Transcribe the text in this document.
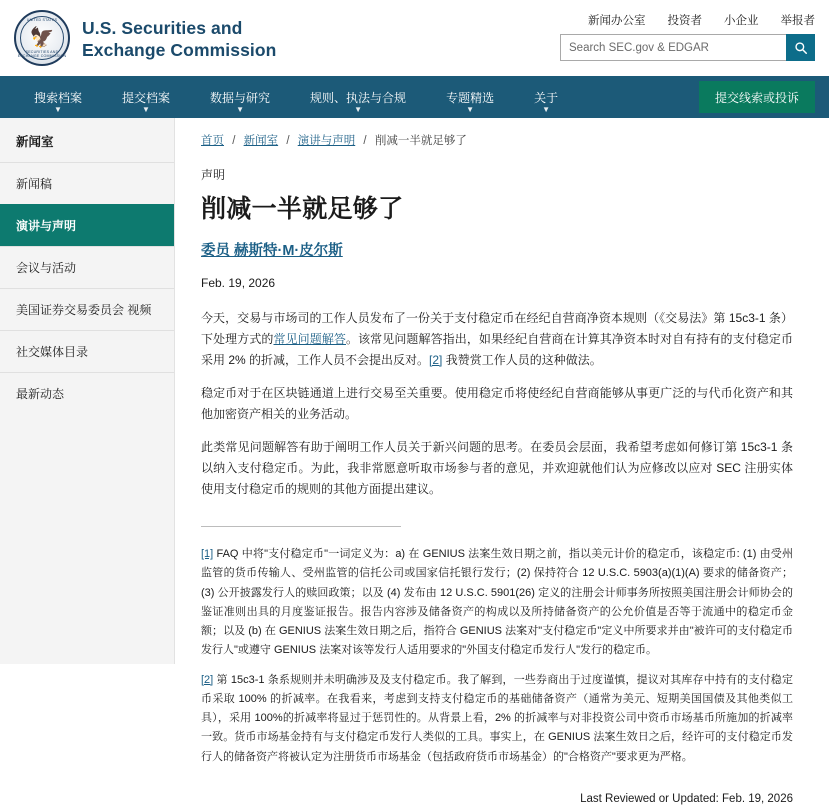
新闻办公室 投资者 小企业 举报者
UNITED STATES
🦅
SECURITIES AND EXCHANGE COMMISSION
U.S. Securities and
Exchange Commission
Search SEC.gov & EDGAR
搜索档案
▼
提交档案
▼
数据与研究
▼
规则、执法与合规
▼
专题精选
▼
关于
▼
提交线索或投诉
新闻室
新闻稿
演讲与声明
会议与活动
美国证券交易委员会 视频
社交媒体目录
最新动态
首页 / 新闻室 / 演讲与声明 / 削减一半就足够了
声明
削减一半就足够了
委员 赫斯特·M·皮尔斯
Feb. 19, 2026

今天，交易与市场司的工作人员发布了一份关于支付稳定币在经纪自营商净资本规则（《交易法》第 15c3-1 条）下处理方式的常见问题解答。该常见问题解答指出，如果经纪自营商在计算其净资本时对自有持有的支付稳定币采用 2% 的折减，工作人员不会提出反对。[2] 我赞赏工作人员的这种做法。

稳定币对于在区块链通道上进行交易至关重要。使用稳定币将使经纪自营商能够从事更广泛的与代币化资产和其他加密资产相关的业务活动。

此类常见问题解答有助于阐明工作人员关于新兴问题的思考。在委员会层面，我希望考虑如何修订第 15c3-1 条以纳入支付稳定币。为此，我非常愿意听取市场参与者的意见，并欢迎就他们认为应修改以应对 SEC 注册实体使用支付稳定币的规则的其他方面提出建议。

[1] FAQ 中将"支付稳定币"一词定义为：a) 在 GENIUS 法案生效日期之前，指以美元计价的稳定币，该稳定币: (1) 由受州监管的货币传输人、受州监管的信托公司或国家信托银行发行；(2) 保持符合 12 U.S.C. 5903(a)(1)(A) 要求的储备资产；(3) 公开披露发行人的赎回政策；以及 (4) 发布由 12 U.S.C. 5901(26) 定义的注册会计师事务所按照美国注册会计师协会的鉴证准则出具的月度鉴证报告。报告内容涉及储备资产的构成以及所持储备资产的公允价值是否等于流通中的稳定币金额；以及 (b) 在 GENIUS 法案生效日期之后，指符合 GENIUS 法案对"支付稳定币"定义中所要求并由"被许可的支付稳定币发行人"或遵守 GENIUS 法案对该等发行人适用要求的"外国支付稳定币发行人"发行的稳定币。
[2] 第 15c3-1 条系规则并未明确涉及及支付稳定币。我了解到，一些券商出于过度谨慎，提议对其库存中持有的支付稳定币采取 100% 的折减率。在我看来，考虑到支持支付稳定币的基础储备资产（通常为美元、短期美国国债及其他类似工具），采用 100%的折减率将显过于惩罚性的。从背景上看，2% 的折减率与对非投资公司中资币市场基币所施加的折减率一致。货币市场基金持有与支付稳定币发行人类似的工具。事实上，在 GENIUS 法案生效日之后，经许可的支付稳定币发行人的储备资产将被认定为注册货币市场基金（包括政府货币市场基金）的"合格资产"要求更为严格。
Last Reviewed or Updated: Feb. 19, 2026
